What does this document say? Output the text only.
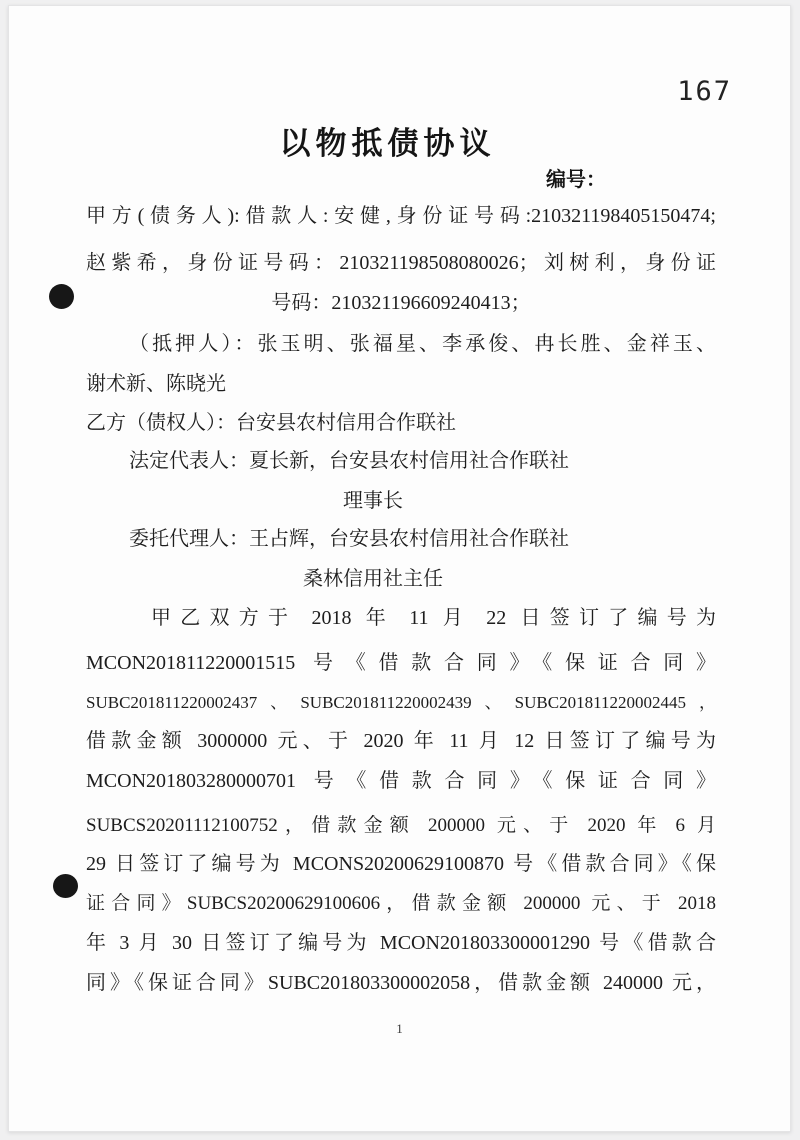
167
以物抵债协议
编号：
甲方(债务人):借款人:安健,身份证号码:210321198405150474;
赵紫希，身份证号码：210321198508080026；刘树利，身份证
号码：210321196609240413；
（抵押人）：张玉明、张福星、李承俊、冉长胜、金祥玉、
谢术新、陈晓光
乙方（债权人）：台安县农村信用合作联社
法定代表人：夏长新，台安县农村信用社合作联社
理事长
委托代理人：王占辉，台安县农村信用社合作联社
桑林信用社主任
甲乙双方于 2018 年 11 月 22 日签订了编号为
MCON201811220001515 号《借款合同》《保证合同》
SUBC201811220002437、SUBC201811220002439、SUBC201811220002445，
借款金额 3000000 元、于 2020 年 11 月 12 日签订了编号为
MCON201803280000701 号《借款合同》《保证合同》
SUBCS20201112100752，借款金额 200000 元、于 2020 年 6 月
29 日签订了编号为 MCONS20200629100870 号《借款合同》《保
证合同》SUBCS20200629100606，借款金额 200000 元、于 2018
年 3 月 30 日签订了编号为 MCON201803300001290 号《借款合
同》《保证合同》SUBC201803300002058，借款金额 240000 元，
1
